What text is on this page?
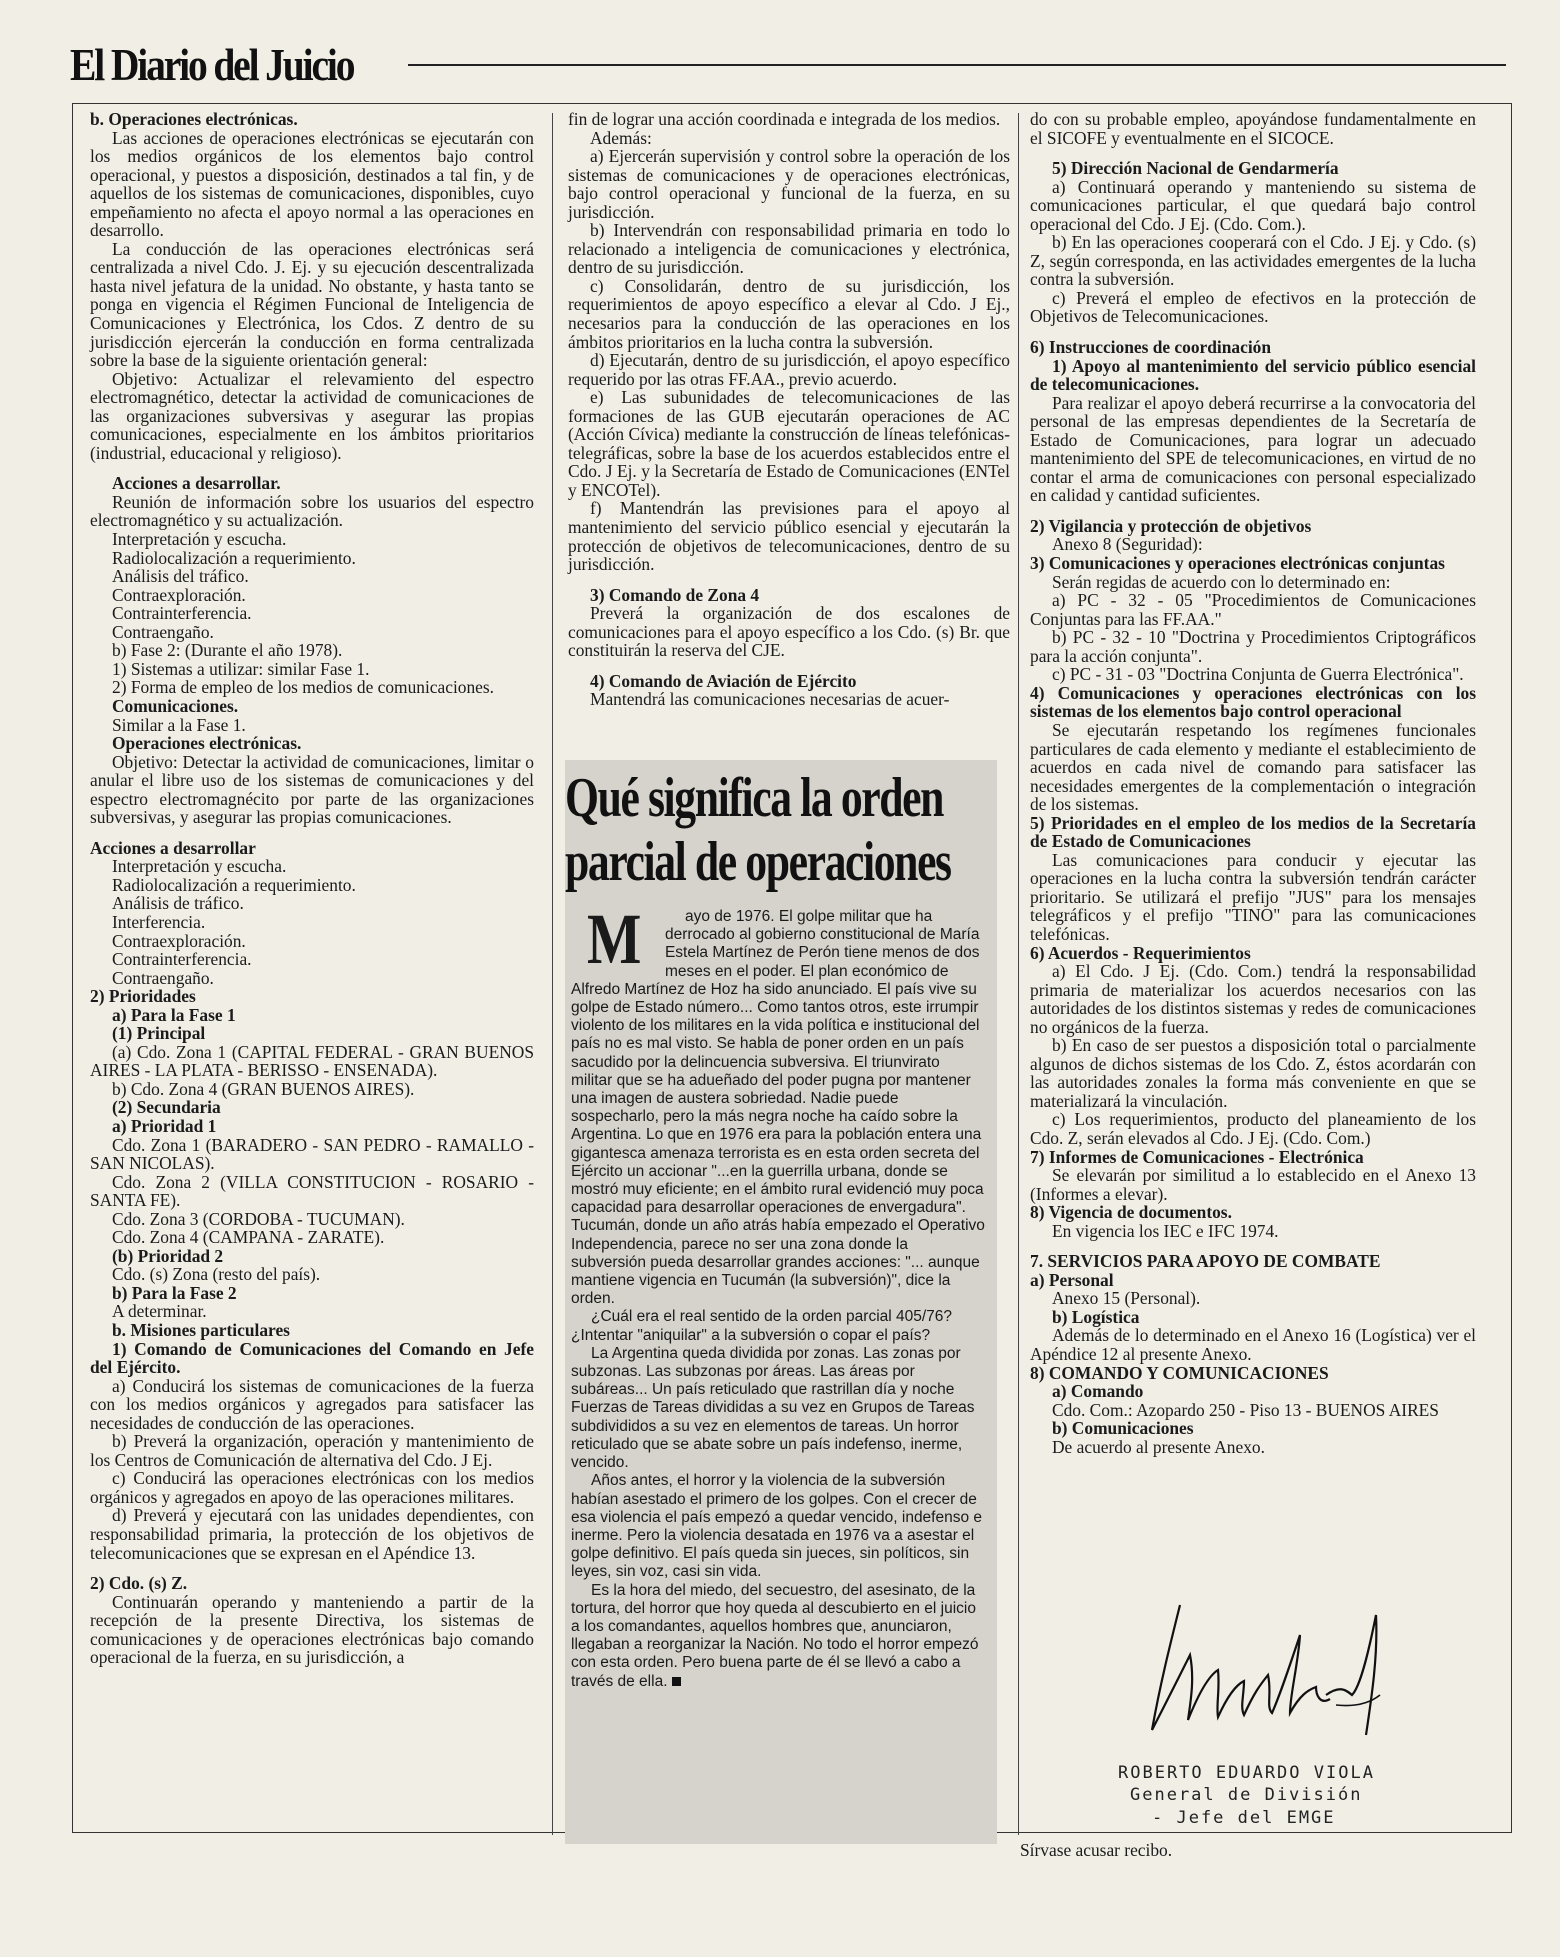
El Diario del Juicio

b. Operaciones electrónicas.

Las acciones de operaciones electrónicas se ejecutarán con los medios orgánicos de los elementos bajo control operacional, y puestos a disposición, destinados a tal fin, y de aquellos de los sistemas de comunicaciones, disponibles, cuyo empeñamiento no afecta el apoyo normal a las operaciones en desarrollo.

La conducción de las operaciones electrónicas será centralizada a nivel Cdo. J. Ej. y su ejecución descentralizada hasta nivel jefatura de la unidad. No obstante, y hasta tanto se ponga en vigencia el Régimen Funcional de Inteligencia de Comunicaciones y Electrónica, los Cdos. Z dentro de su jurisdicción ejercerán la conducción en forma centralizada sobre la base de la siguiente orientación general:

Objetivo: Actualizar el relevamiento del espectro electromagnético, detectar la actividad de comunicaciones de las organizaciones subversivas y asegurar las propias comunicaciones, especialmente en los ámbitos prioritarios (industrial, educacional y religioso).

Acciones a desarrollar.

Reunión de información sobre los usuarios del espectro electromagnético y su actualización.

Interpretación y escucha.

Radiolocalización a requerimiento.

Análisis del tráfico.

Contraexploración.

Contrainterferencia.

Contraengaño.

b) Fase 2: (Durante el año 1978).

1) Sistemas a utilizar: similar Fase 1.

2) Forma de empleo de los medios de comunicaciones.

Comunicaciones.

Similar a la Fase 1.

Operaciones electrónicas.

Objetivo: Detectar la actividad de comunicaciones, limitar o anular el libre uso de los sistemas de comunicaciones y del espectro electromagnécito por parte de las organizaciones subversivas, y asegurar las propias comunicaciones.

Acciones a desarrollar

Interpretación y escucha.

Radiolocalización a requerimiento.

Análisis de tráfico.

Interferencia.

Contraexploración.

Contrainterferencia.

Contraengaño.

2) Prioridades

a) Para la Fase 1

(1) Principal

(a) Cdo. Zona 1 (CAPITAL FEDERAL - GRAN BUENOS AIRES - LA PLATA - BERISSO - ENSENADA).

b) Cdo. Zona 4 (GRAN BUENOS AIRES).

(2) Secundaria

a) Prioridad 1

Cdo. Zona 1 (BARADERO - SAN PEDRO - RAMALLO - SAN NICOLAS).

Cdo. Zona 2 (VILLA CONSTITUCION - ROSARIO - SANTA FE).

Cdo. Zona 3 (CORDOBA - TUCUMAN).

Cdo. Zona 4 (CAMPANA - ZARATE).

(b) Prioridad 2

Cdo. (s) Zona (resto del país).

b) Para la Fase 2

A determinar.

b. Misiones particulares

1) Comando de Comunicaciones del Comando en Jefe del Ejército.

a) Conducirá los sistemas de comunicaciones de la fuerza con los medios orgánicos y agregados para satisfacer las necesidades de conducción de las operaciones.

b) Preverá la organización, operación y mantenimiento de los Centros de Comunicación de alternativa del Cdo. J Ej.

c) Conducirá las operaciones electrónicas con los medios orgánicos y agregados en apoyo de las operaciones militares.

d) Preverá y ejecutará con las unidades dependientes, con responsabilidad primaria, la protección de los objetivos de telecomunicaciones que se expresan en el Apéndice 13.

2) Cdo. (s) Z.

Continuarán operando y manteniendo a partir de la recepción de la presente Directiva, los sistemas de comunicaciones y de operaciones electrónicas bajo comando operacional de la fuerza, en su jurisdicción, a

fin de lograr una acción coordinada e integrada de los medios.

Además:

a) Ejercerán supervisión y control sobre la operación de los sistemas de comunicaciones y de operaciones electrónicas, bajo control operacional y funcional de la fuerza, en su jurisdicción.

b) Intervendrán con responsabilidad primaria en todo lo relacionado a inteligencia de comunicaciones y electrónica, dentro de su jurisdicción.

c) Consolidarán, dentro de su jurisdicción, los requerimientos de apoyo específico a elevar al Cdo. J Ej., necesarios para la conducción de las operaciones en los ámbitos prioritarios en la lucha contra la subversión.

d) Ejecutarán, dentro de su jurisdicción, el apoyo específico requerido por las otras FF.AA., previo acuerdo.

e) Las subunidades de telecomunicaciones de las formaciones de las GUB ejecutarán operaciones de AC (Acción Cívica) mediante la construcción de líneas telefónicas-telegráficas, sobre la base de los acuerdos establecidos entre el Cdo. J Ej. y la Secretaría de Estado de Comunicaciones (ENTel y ENCOTel).

f) Mantendrán las previsiones para el apoyo al mantenimiento del servicio público esencial y ejecutarán la protección de objetivos de telecomunicaciones, dentro de su jurisdicción.

3) Comando de Zona 4

Preverá la organización de dos escalones de comunicaciones para el apoyo específico a los Cdo. (s) Br. que constituirán la reserva del CJE.

4) Comando de Aviación de Ejército

Mantendrá las comunicaciones necesarias de acuer-

do con su probable empleo, apoyándose fundamentalmente en el SICOFE y eventualmente en el SICOCE.

5) Dirección Nacional de Gendarmería

a) Continuará operando y manteniendo su sistema de comunicaciones particular, el que quedará bajo control operacional del Cdo. J Ej. (Cdo. Com.).

b) En las operaciones cooperará con el Cdo. J Ej. y Cdo. (s) Z, según corresponda, en las actividades emergentes de la lucha contra la subversión.

c) Preverá el empleo de efectivos en la protección de Objetivos de Telecomunicaciones.

6) Instrucciones de coordinación

1) Apoyo al mantenimiento del servicio público esencial de telecomunicaciones.

Para realizar el apoyo deberá recurrirse a la convocatoria del personal de las empresas dependientes de la Secretaría de Estado de Comunicaciones, para lograr un adecuado mantenimiento del SPE de telecomunicaciones, en virtud de no contar el arma de comunicaciones con personal especializado en calidad y cantidad suficientes.

2) Vigilancia y protección de objetivos

Anexo 8 (Seguridad):

3) Comunicaciones y operaciones electrónicas conjuntas

Serán regidas de acuerdo con lo determinado en:

a) PC - 32 - 05 "Procedimientos de Comunicaciones Conjuntas para las FF.AA."

b) PC - 32 - 10 "Doctrina y Procedimientos Criptográficos para la acción conjunta".

c) PC - 31 - 03 "Doctrina Conjunta de Guerra Electrónica".

4) Comunicaciones y operaciones electrónicas con los sistemas de los elementos bajo control operacional

Se ejecutarán respetando los regímenes funcionales particulares de cada elemento y mediante el establecimiento de acuerdos en cada nivel de comando para satisfacer las necesidades emergentes de la complementación o integración de los sistemas.

5) Prioridades en el empleo de los medios de la Secretaría de Estado de Comunicaciones

Las comunicaciones para conducir y ejecutar las operaciones en la lucha contra la subversión tendrán carácter prioritario. Se utilizará el prefijo "JUS" para los mensajes telegráficos y el prefijo "TINO" para las comunicaciones telefónicas.

6) Acuerdos - Requerimientos

a) El Cdo. J Ej. (Cdo. Com.) tendrá la responsabilidad primaria de materializar los acuerdos necesarios con las autoridades de los distintos sistemas y redes de comunicaciones no orgánicos de la fuerza.

b) En caso de ser puestos a disposición total o parcialmente algunos de dichos sistemas de los Cdo. Z, éstos acordarán con las autoridades zonales la forma más conveniente en que se materializará la vinculación.

c) Los requerimientos, producto del planeamiento de los Cdo. Z, serán elevados al Cdo. J Ej. (Cdo. Com.)

7) Informes de Comunicaciones - Electrónica

Se elevarán por similitud a lo establecido en el Anexo 13 (Informes a elevar).

8) Vigencia de documentos.

En vigencia los IEC e IFC 1974.

7. SERVICIOS PARA APOYO DE COMBATE

a) Personal

Anexo 15 (Personal).

b) Logística

Además de lo determinado en el Anexo 16 (Logística) ver el Apéndice 12 al presente Anexo.

8) COMANDO Y COMUNICACIONES

a) Comando

Cdo. Com.: Azopardo 250 - Piso 13 - BUENOS AIRES

b) Comunicaciones

De acuerdo al presente Anexo.

Qué significa la orden
parcial de operaciones

M	ayo de 1976. El golpe militar que ha derrocado al gobierno constitucional de María Estela Martínez de Perón tiene menos de dos meses en el poder. El plan económico de Alfredo Martínez de Hoz ha sido anunciado. El país vive su golpe de Estado número... Como tantos otros, este irrumpir violento de los militares en la vida política e institucional del país no es mal visto. Se habla de poner orden en un país sacudido por la delincuencia subversiva. El triunvirato militar que se ha adueñado del poder pugna por mantener una imagen de austera sobriedad. Nadie puede sospecharlo, pero la más negra noche ha caído sobre la Argentina. Lo que en 1976 era para la población entera una gigantesca amenaza terrorista es en esta orden secreta del Ejército un accionar "...en la guerrilla urbana, donde se mostró muy eficiente; en el ámbito rural evidenció muy poca capacidad para desarrollar operaciones de envergadura". Tucumán, donde un año atrás había empezado el Operativo Independencia, parece no ser una zona donde la subversión pueda desarrollar grandes acciones: "... aunque mantiene vigencia en Tucumán (la subversión)", dice la orden.

¿Cuál era el real sentido de la orden parcial 405/76? ¿Intentar "aniquilar" a la subversión o copar el país?

La Argentina queda dividida por zonas. Las zonas por subzonas. Las subzonas por áreas. Las áreas por subáreas... Un país reticulado que rastrillan día y noche Fuerzas de Tareas divididas a su vez en Grupos de Tareas subdivididos a su vez en elementos de tareas. Un horror reticulado que se abate sobre un país indefenso, inerme, vencido.

Años antes, el horror y la violencia de la subversión habían asestado el primero de los golpes. Con el crecer de esa violencia el país empezó a quedar vencido, indefenso e inerme. Pero la violencia desatada en 1976 va a asestar el golpe definitivo. El país queda sin jueces, sin políticos, sin leyes, sin voz, casi sin vida.

Es la hora del miedo, del secuestro, del asesinato, de la tortura, del horror que hoy queda al descubierto en el juicio a los comandantes, aquellos hombres que, anunciaron, llegaban a reorganizar la Nación. No todo el horror empezó con esta orden. Pero buena parte de él se llevó a cabo a través de ella.

ROBERTO EDUARDO VIOLA
General de División
- Jefe del EMGE
Sírvase acusar recibo.
